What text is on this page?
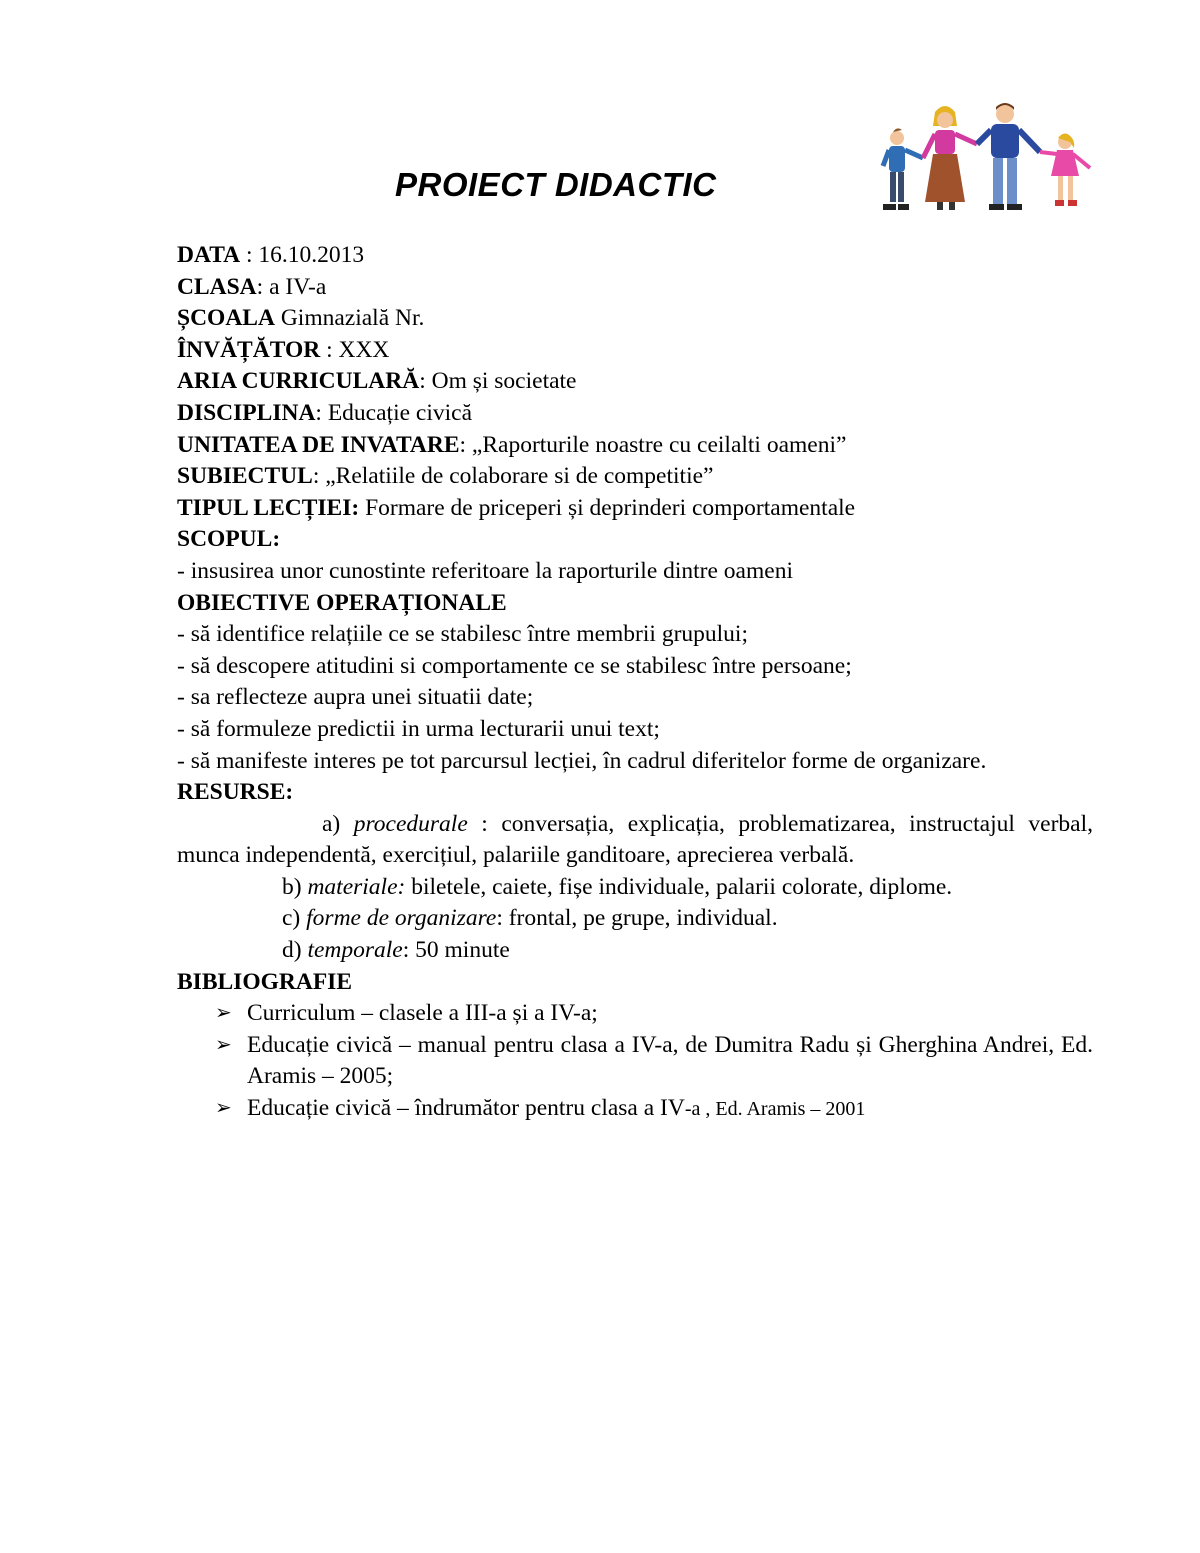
PROIECT DIDACTIC
DATA : 16.10.2013
CLASA: a IV-a
ȘCOALA Gimnazială Nr.
ÎNVĂȚĂTOR : XXX
ARIA CURRICULARĂ: Om și societate
DISCIPLINA: Educație civică
UNITATEA DE INVATARE: „Raporturile noastre cu ceilalti oameni”
SUBIECTUL: „Relatiile de colaborare si de competitie”
TIPUL LECȚIEI: Formare de priceperi și deprinderi comportamentale
SCOPUL:
- insusirea unor cunostinte referitoare la raporturile dintre oameni
OBIECTIVE OPERAȚIONALE
- să identifice relațiile ce se stabilesc între membrii grupului;
- să descopere atitudini si comportamente ce se stabilesc între persoane;
- sa reflecteze aupra unei situatii date;
- să formuleze predictii in urma lecturarii unui text;
- să manifeste interes pe tot parcursul lecției, în cadrul diferitelor forme de organizare.
RESURSE:
a) procedurale : conversația, explicația, problematizarea, instructajul verbal, munca independentă, exercițiul, palariile ganditoare, aprecierea verbală.
b) materiale: biletele, caiete, fișe individuale, palarii colorate, diplome.
c) forme de organizare: frontal, pe grupe, individual.
d) temporale: 50 minute
BIBLIOGRAFIE
➢ Curriculum – clasele a III-a și a IV-a;
➢ Educație civică – manual pentru clasa a IV-a, de Dumitra Radu și Gherghina Andrei, Ed. Aramis – 2005;
➢ Educație civică – îndrumător pentru clasa a IV-a , Ed. Aramis – 2001
